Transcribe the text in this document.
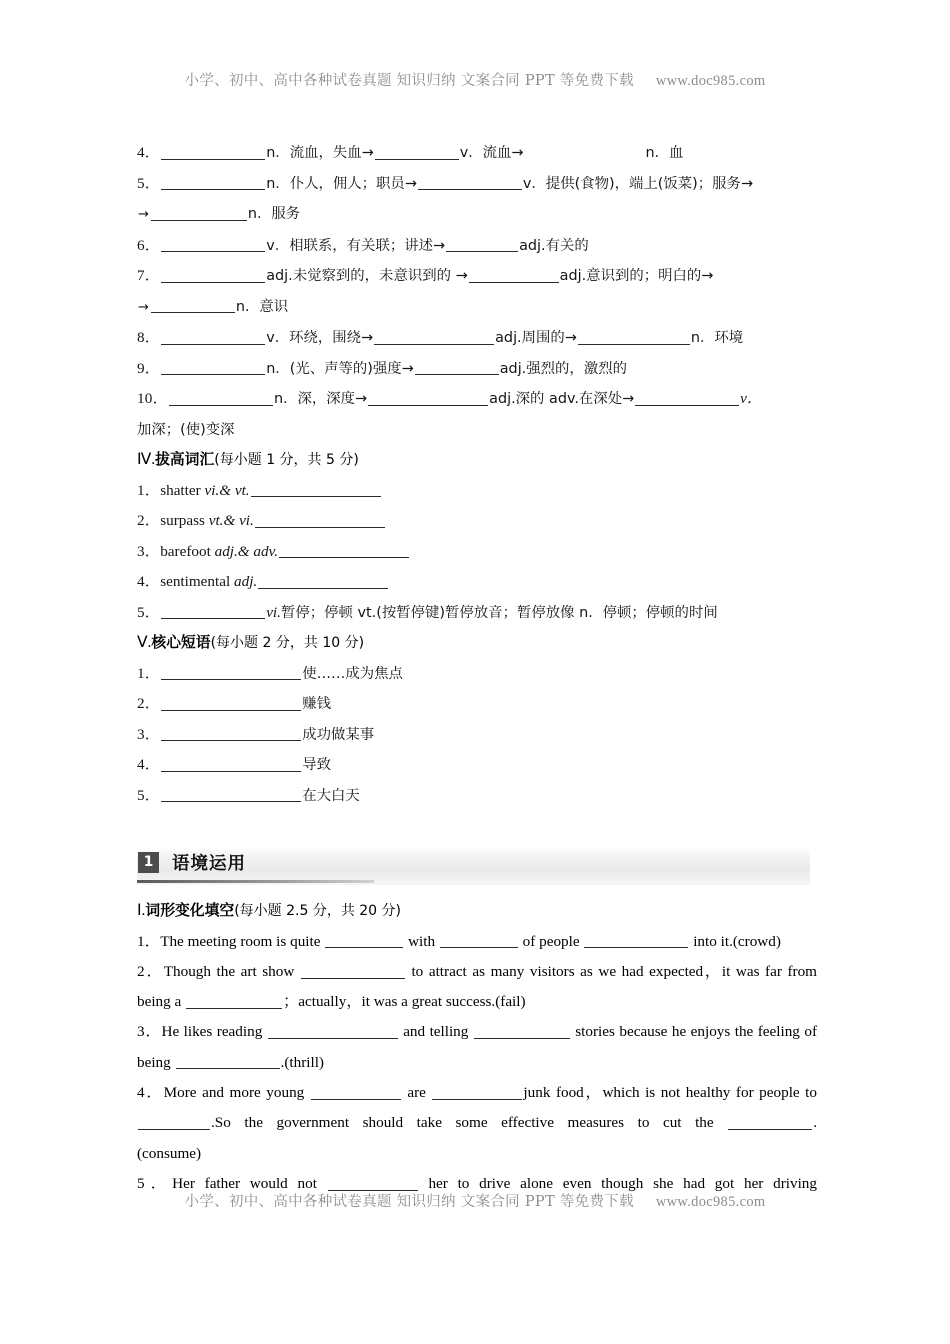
小学、初中、高中各种试卷真题 知识归纳 文案合同 PPT 等免费下载 www.doc985.com

4．	n．流血，失血→	v．流血→	n．血

5．	n．仆人，佣人；职员→	v．提供(食物)，端上(饭菜)；服务→

→	n．服务

6．	v．相联系，有关联；讲述→	adj.有关的

7．	adj.未觉察到的，未意识到的 →	adj.意识到的；明白的→

→	n．意识

8．	v．环绕，围绕→	adj.周围的→	n．环境

9．	n．(光、声等的)强度→	adj.强烈的，激烈的

10．	n．深，深度→	adj.深的 adv.在深处→	v．

加深；(使)变深

Ⅳ.拔高词汇(每小题 1 分，共 5 分)

1．shatter vi.& vt.

2．surpass vt.& vi.

3．barefoot adj.& adv.

4．sentimental adj.

5．	vi.暂停；停顿 vt.(按暂停键)暂停放音；暂停放像 n．停顿；停顿的时间

Ⅴ.核心短语(每小题 2 分，共 10 分)

1．	使……成为焦点

2．	赚钱

3．	成功做某事

4．	导致

5．	在大白天

1	语境运用

Ⅰ.词形变化填空(每小题 2.5 分，共 20 分)

1．The meeting room is quite	with	of people	into it.(crowd)

2．Though the art show	to attract as many visitors as we had expected，it was far from being a	；actually，it was a great success.(fail)

3．He likes reading	and telling	stories because he enjoys the feeling of being	.(thrill)

4．More and more young	are	junk food，which is not healthy for people to .So the government should take some effective measures to cut the	.

(consume)

5．Her father would not	her to drive alone even though she had got her driving

小学、初中、高中各种试卷真题 知识归纳 文案合同 PPT 等免费下载 www.doc985.com
